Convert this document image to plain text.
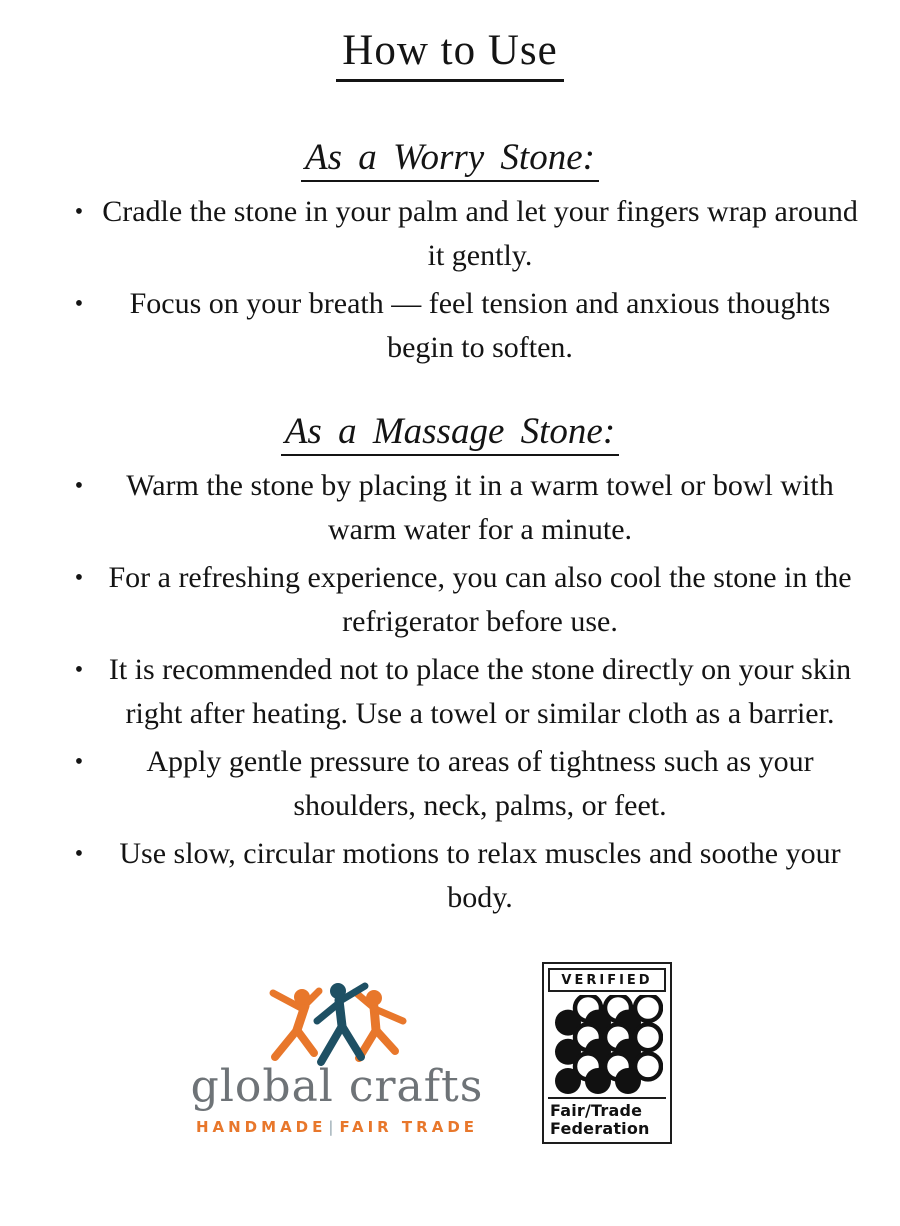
How to Use
As a Worry Stone:
• Cradle the stone in your palm and let your fingers wrap around it gently.
•	Focus on your breath — feel tension and anxious thoughts begin to soften.
As a Massage Stone:
•	Warm the stone by placing it in a warm towel or bowl with warm water for a minute.
• For a refreshing experience, you can also cool the stone in the refrigerator before use.
• It is recommended not to place the stone directly on your skin right after heating. Use a towel or similar cloth as a barrier.
•	Apply gentle pressure to areas of tightness such as your shoulders, neck, palms, or feet.
•	Use slow, circular motions to relax muscles and soothe your body.
global crafts
HANDMADE | FAIR TRADE
VERIFIED
Fair/Trade
Federation
